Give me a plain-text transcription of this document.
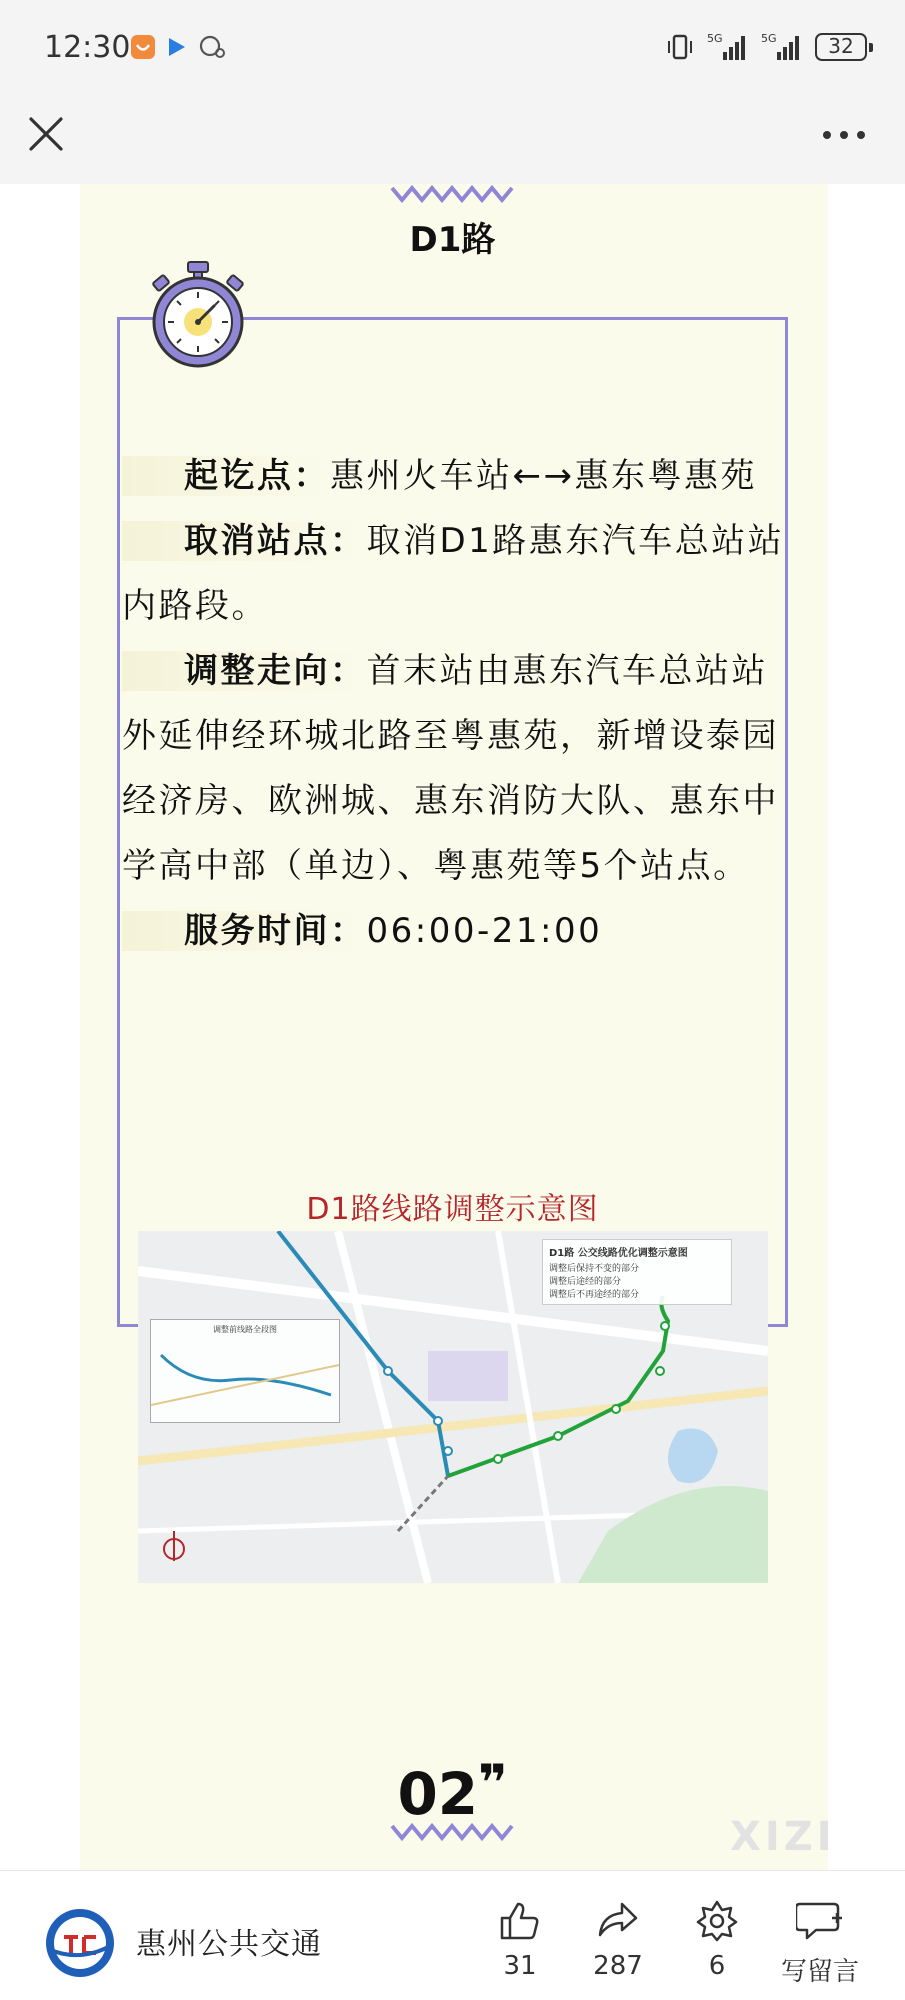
12:30	5G	5G	32
D1路

起讫点：惠州火车站←→惠东粤惠苑

取消站点：取消D1路惠东汽车总站站内路段。

调整走向：首末站由惠东汽车总站站外延伸经环城北路至粤惠苑，新增设泰园经济房、欧洲城、惠东消防大队、惠东中学高中部（单边）、粤惠苑等5个站点。

服务时间：06:00-21:00

D1路线路调整示意图
D1路 公交线路优化调整示意图
调整后保持不变的部分
调整后途经的部分
调整后不再途经的部分
调整前线路全段图
02❞
XIZI
惠州公共交通
31	287	6	写留言
